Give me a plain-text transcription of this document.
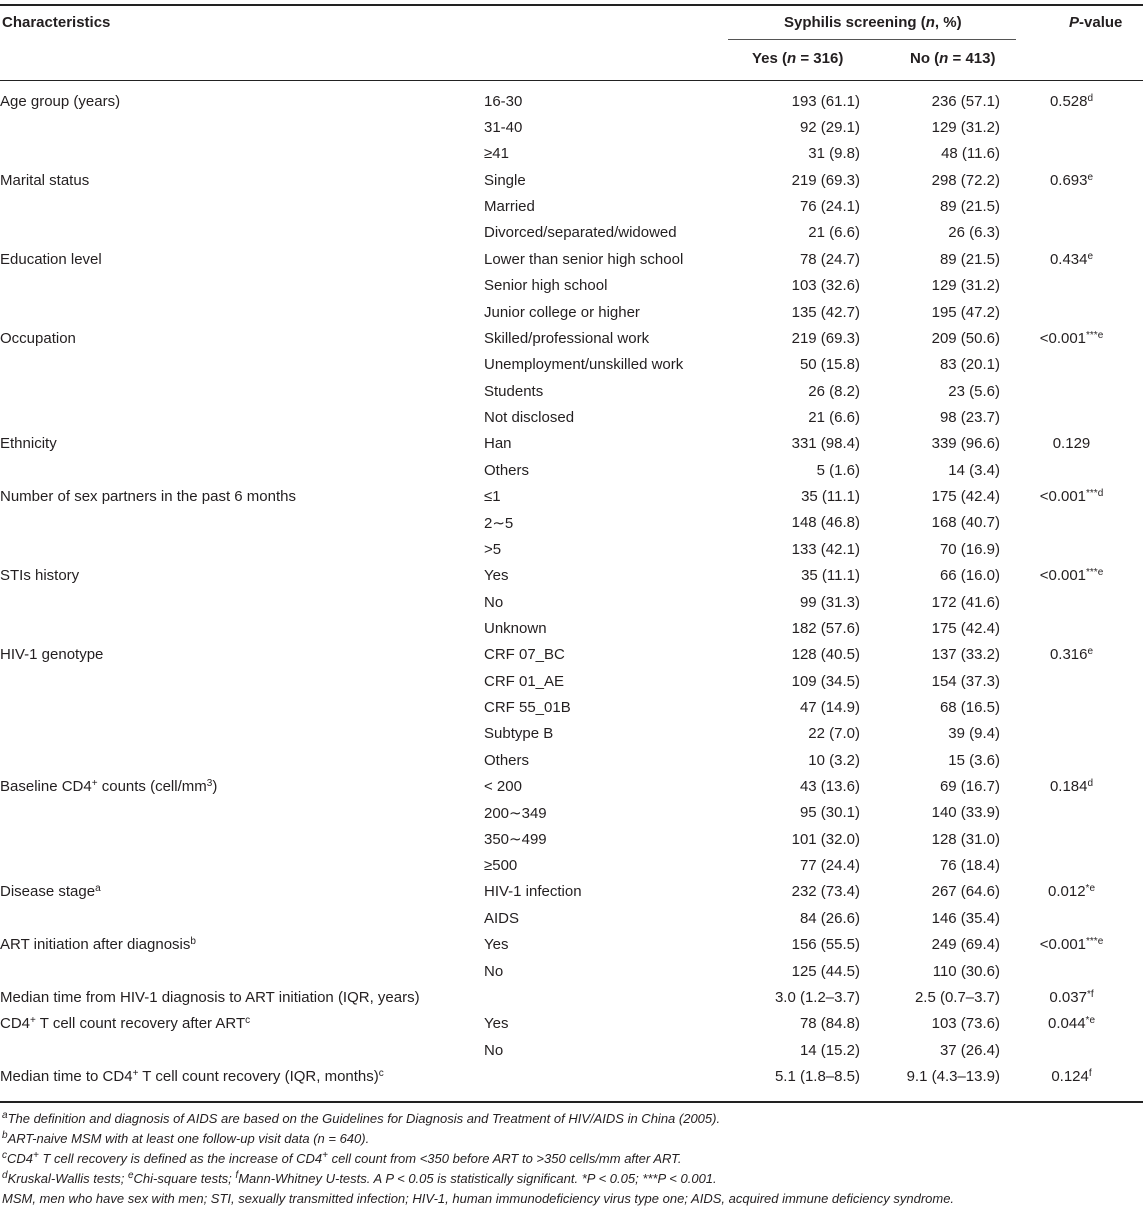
Characteristics	Syphilis screening (n, %)	P-value
Yes (n = 316)	No (n = 413)
Age group (years)	16-30	193 (61.1)	236 (57.1)	0.528$^d$
	31-40	92 (29.1)	129 (31.2)	
	≥41	31 (9.8)	48 (11.6)	
Marital status	Single	219 (69.3)	298 (72.2)	0.693e
	Married	76 (24.1)	89 (21.5)	
	Divorced/separated/widowed	21 (6.6)	26 (6.3)	
Education level	Lower than senior high school	78 (24.7)	89 (21.5)	0.434e
	Senior high school	103 (32.6)	129 (31.2)	
	Junior college or higher	135 (42.7)	195 (47.2)	
Occupation	Skilled/professional work	219 (69.3)	209 (50.6)	$<0.001^{***e}$
	Unemployment/unskilled work	50 (15.8)	83 (20.1)	
	Students	26 (8.2)	23 (5.6)	
	Not disclosed	21 (6.6)	98 (23.7)	
Ethnicity	Han	331 (98.4)	339 (96.6)	0.129
	Others	5 (1.6)	14 (3.4)	
Number of sex partners in the past 6 months	≤1	35 (11.1)	175 (42.4)	$<0.001^{***d}$
	2∼5	148 (46.8)	168 (40.7)	
	>5	133 (42.1)	70 (16.9)	
STIs history	Yes	35 (11.1)	66 (16.0)	$<0.001^{***e}$
	No	99 (31.3)	172 (41.6)	
	Unknown	182 (57.6)	175 (42.4)	
HIV-1 genotype	CRF 07_BC	128 (40.5)	137 (33.2)	0.316e
	CRF 01_AE	109 (34.5)	154 (37.3)	
	CRF 55_01B	47 (14.9)	68 (16.5)	
	Subtype B	22 (7.0)	39 (9.4)	
	Others	10 (3.2)	15 (3.6)	
Baseline CD4+ counts $(cell/mm^3)$	< 200	43 (13.6)	69 (16.7)	0.184$^d$
	200∼349	95 (30.1)	140 (33.9)	
	350∼499	101 (32.0)	128 (31.0)	
	≥500	77 (24.4)	76 (18.4)	
Disease stage$^a$	HIV-1 infection	232 (73.4)	267 (64.6)	0.012$^{*e}$
	AIDS	84 (26.6)	146 (35.4)	
ART initiation after diagnosis$^b$	Yes	156 (55.5)	249 (69.4)	$<0.001^{***e}$
	No	125 (44.5)	110 (30.6)	
Median time from HIV-1 diagnosis to ART initiation (IQR, years)		3.0 (1.2–3.7)	2.5 (0.7–3.7)	0.037$^{*f}$
CD4+ T cell count recovery after ART$^c$	Yes	78 (84.8)	103 (73.6)	0.044$^{*e}$
	No	14 (15.2)	37 (26.4)	
Median time to CD4+ T cell count recovery (IQR, months)$^c$		5.1 (1.8–8.5)	9.1 (4.3–13.9)	0.124$^f$
$^a$The definition and diagnosis of AIDS are based on the Guidelines for Diagnosis and Treatment of HIV/AIDS in China (2005).
$^b$ART-naive MSM with at least one follow-up visit data (n = 640).
$^c$CD4+ T cell recovery is defined as the increase of CD4+ cell count from <350 before ART to >350 cells/mm after ART.
$^d$Kruskal-Wallis tests; $^e$Chi-square tests; $^f$Mann-Whitney U-tests. A P < 0.05 is statistically significant. *P < 0.05; ***P < 0.001.
MSM, men who have sex with men; STI, sexually transmitted infection; HIV-1, human immunodeficiency virus type one; AIDS, acquired immune deficiency syndrome.
